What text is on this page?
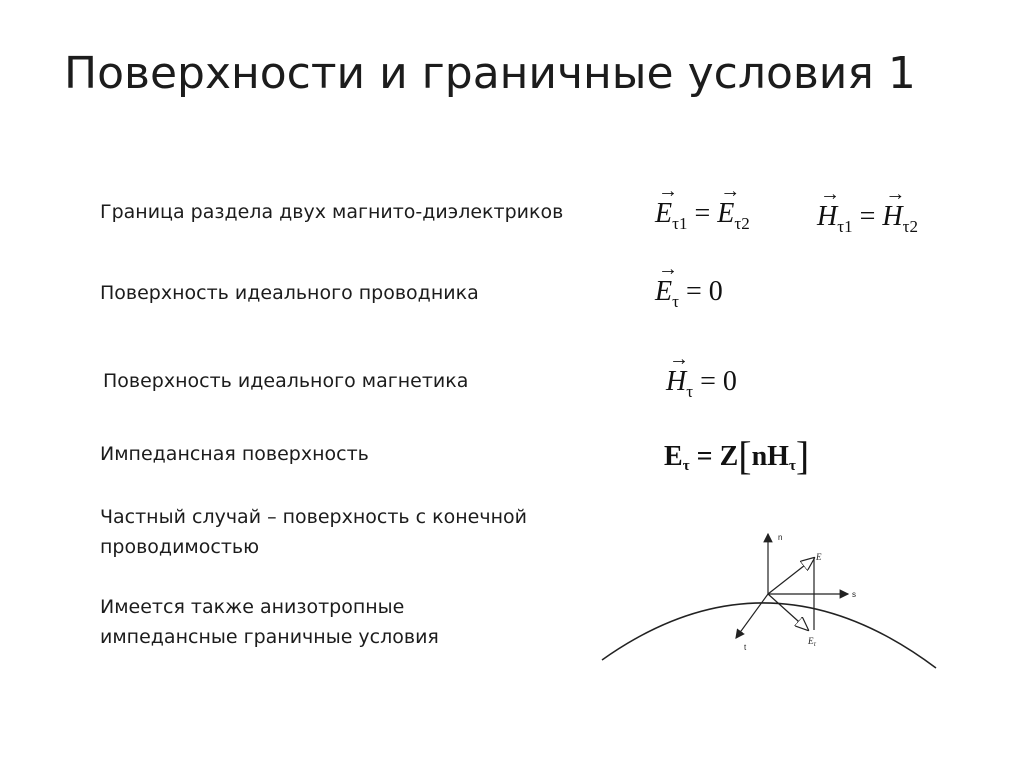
Поверхности и граничные условия 1
Граница раздела двух магнито-диэлектриков
→	$E_{\tau 1}$ = → $E_{\tau 2}$
→ $H_{\tau 1}$ = → $H_{\tau 2}$
Поверхность идеального проводника
→	$E_\tau = 0$
Поверхность идеального магнетика
→	$H_\tau = 0$
Импедансная поверхность	Eτ = Z[nHτ]
Частный случай – поверхность с конечной проводимостью
Имеется также анизотропные импедансные граничные условия
n
s
t
E
$E_\tau$
